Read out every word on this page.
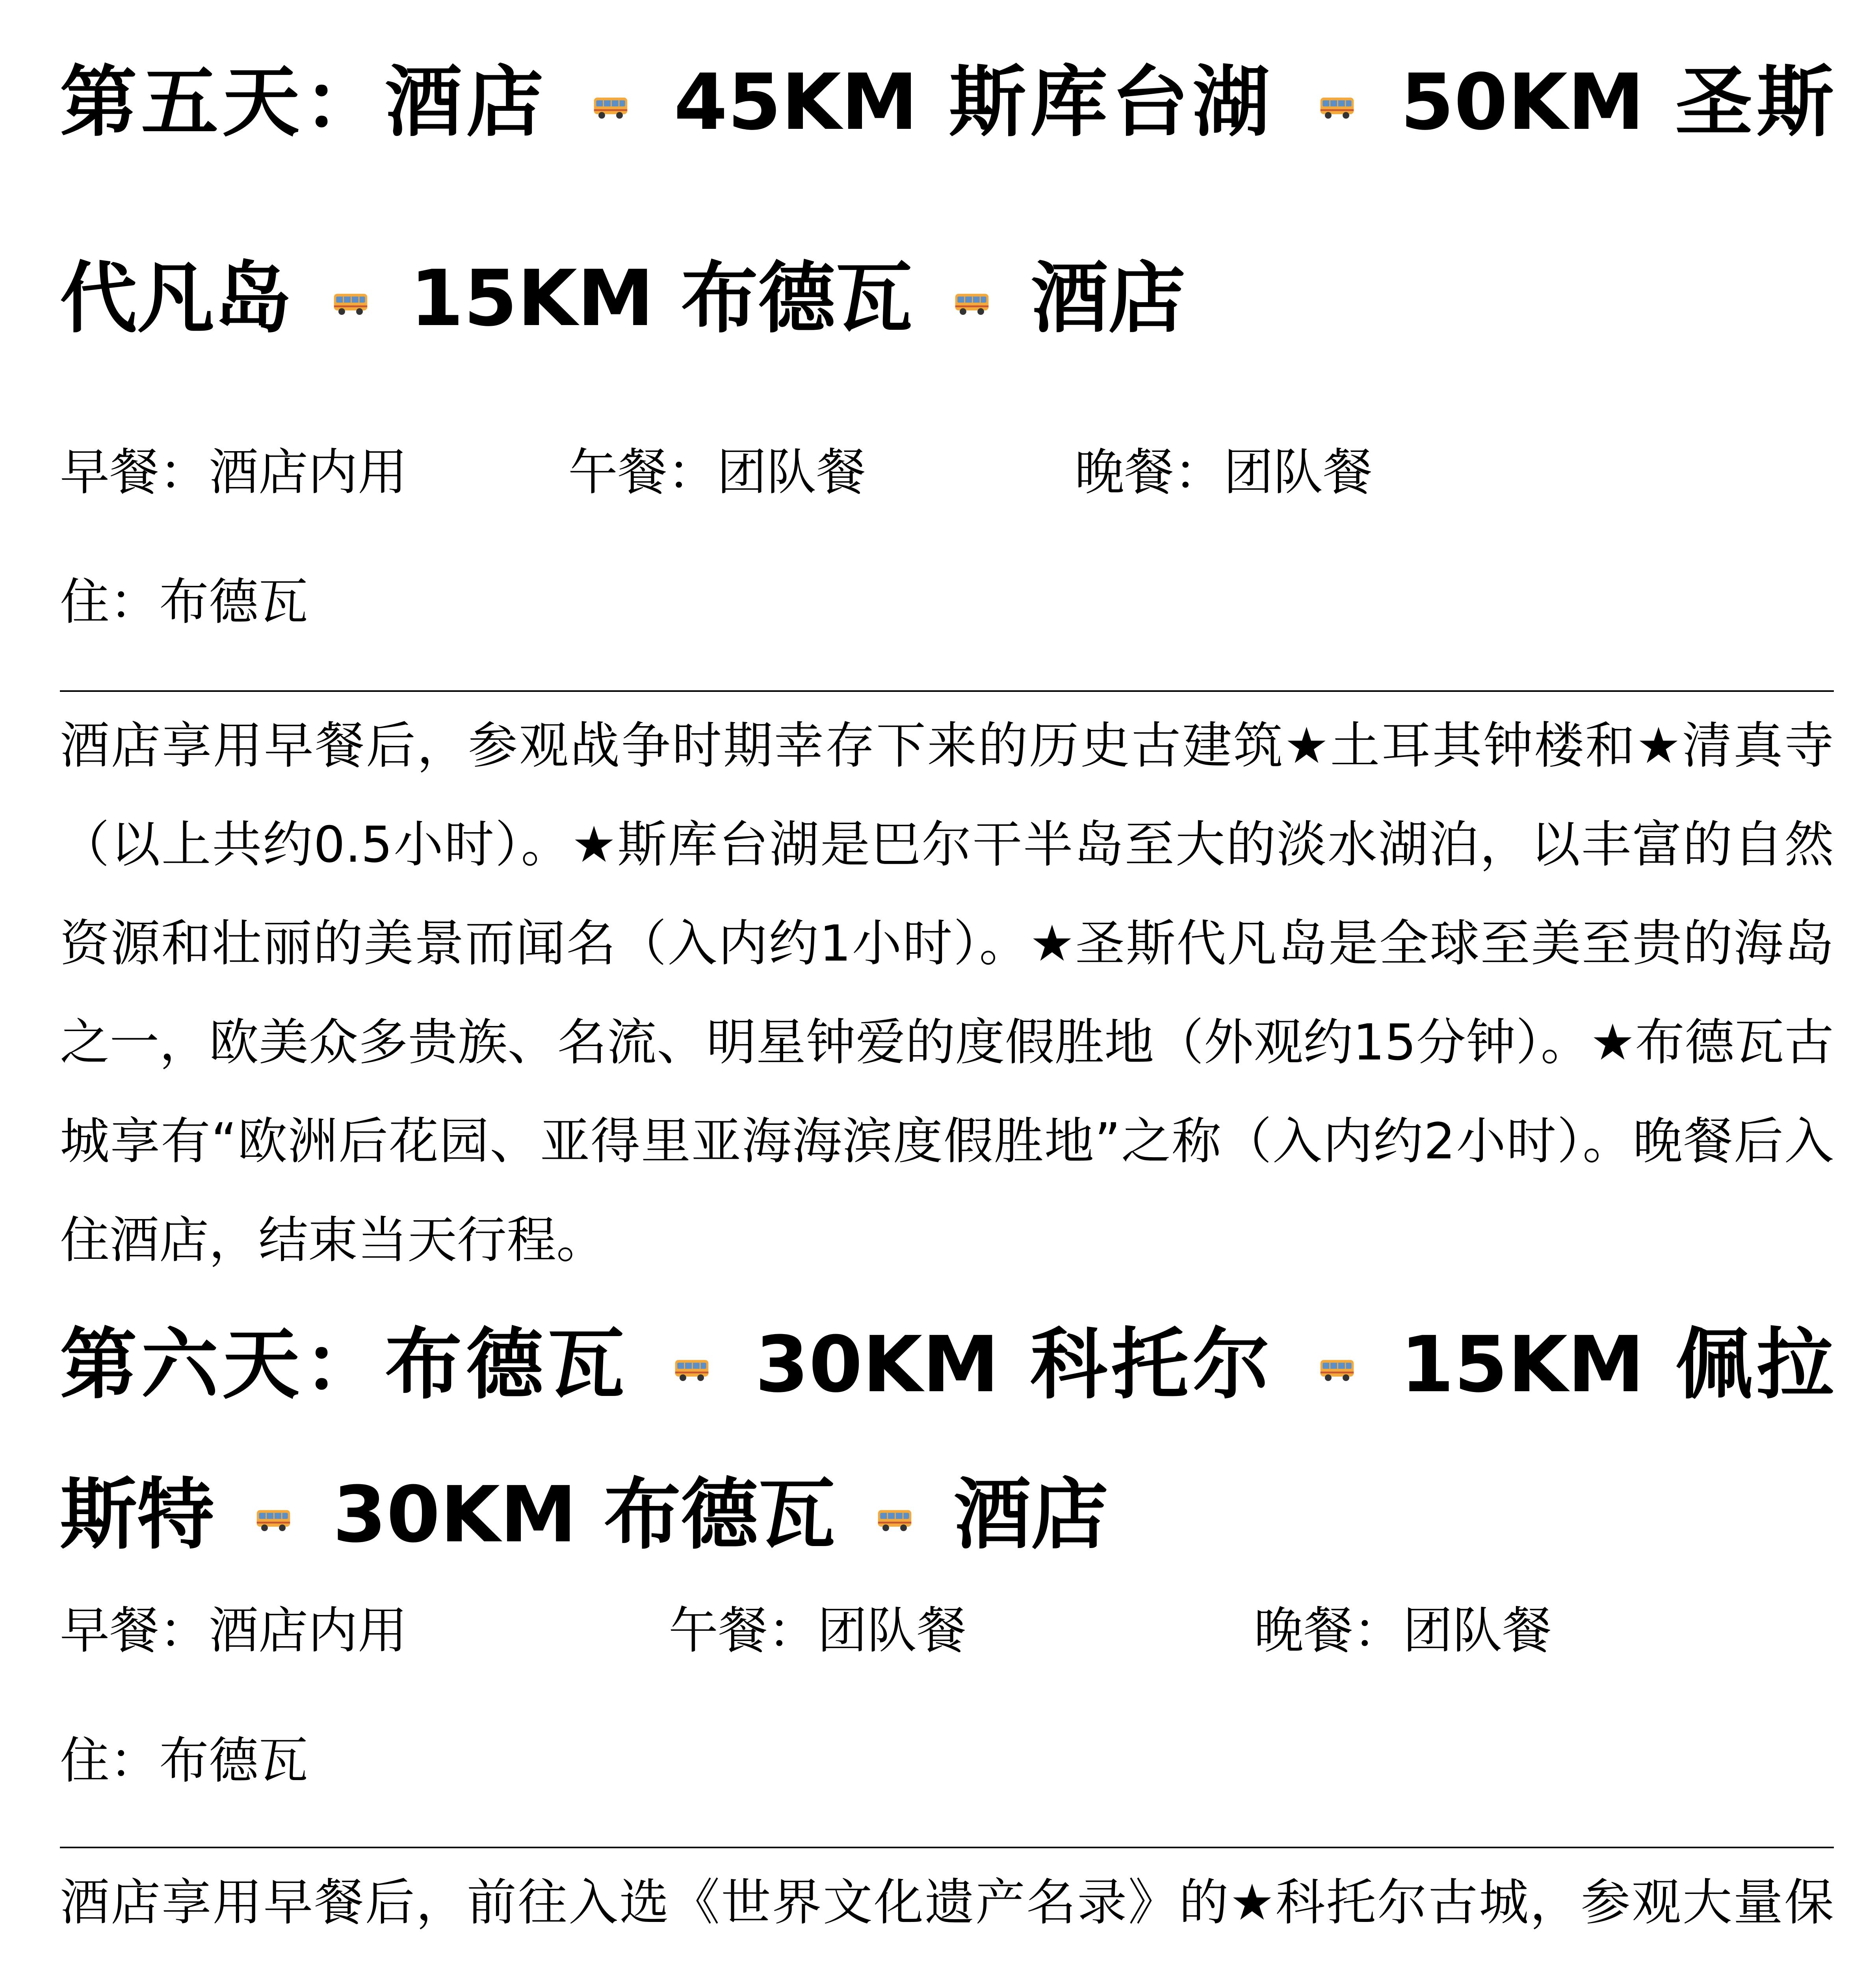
第五天：酒店 45KM 斯库台湖 50KM 圣斯代凡岛 15KM 布德瓦 酒店
早餐：酒店内用	午餐：团队餐	晚餐：团队餐
住：布德瓦

酒店享用早餐后，参观战争时期幸存下来的历史古建筑★土耳其钟楼和★清真寺（以上共约0.5小时）。★斯库台湖是巴尔干半岛至大的淡水湖泊，以丰富的自然资源和壮丽的美景而闻名（入内约1小时）。★圣斯代凡岛是全球至美至贵的海岛之一，欧美众多贵族、名流、明星钟爱的度假胜地（外观约15分钟）。★布德瓦古城享有“欧洲后花园、亚得里亚海海滨度假胜地”之称（入内约2小时）。晚餐后入住酒店，结束当天行程。

第六天：布德瓦 30KM 科托尔 15KM 佩拉斯特 30KM 布德瓦 酒店
早餐：酒店内用	午餐：团队餐	晚餐：团队餐
住：布德瓦

酒店享用早餐后，前往入选《世界文化遗产名录》的★科托尔古城，参观大量保
